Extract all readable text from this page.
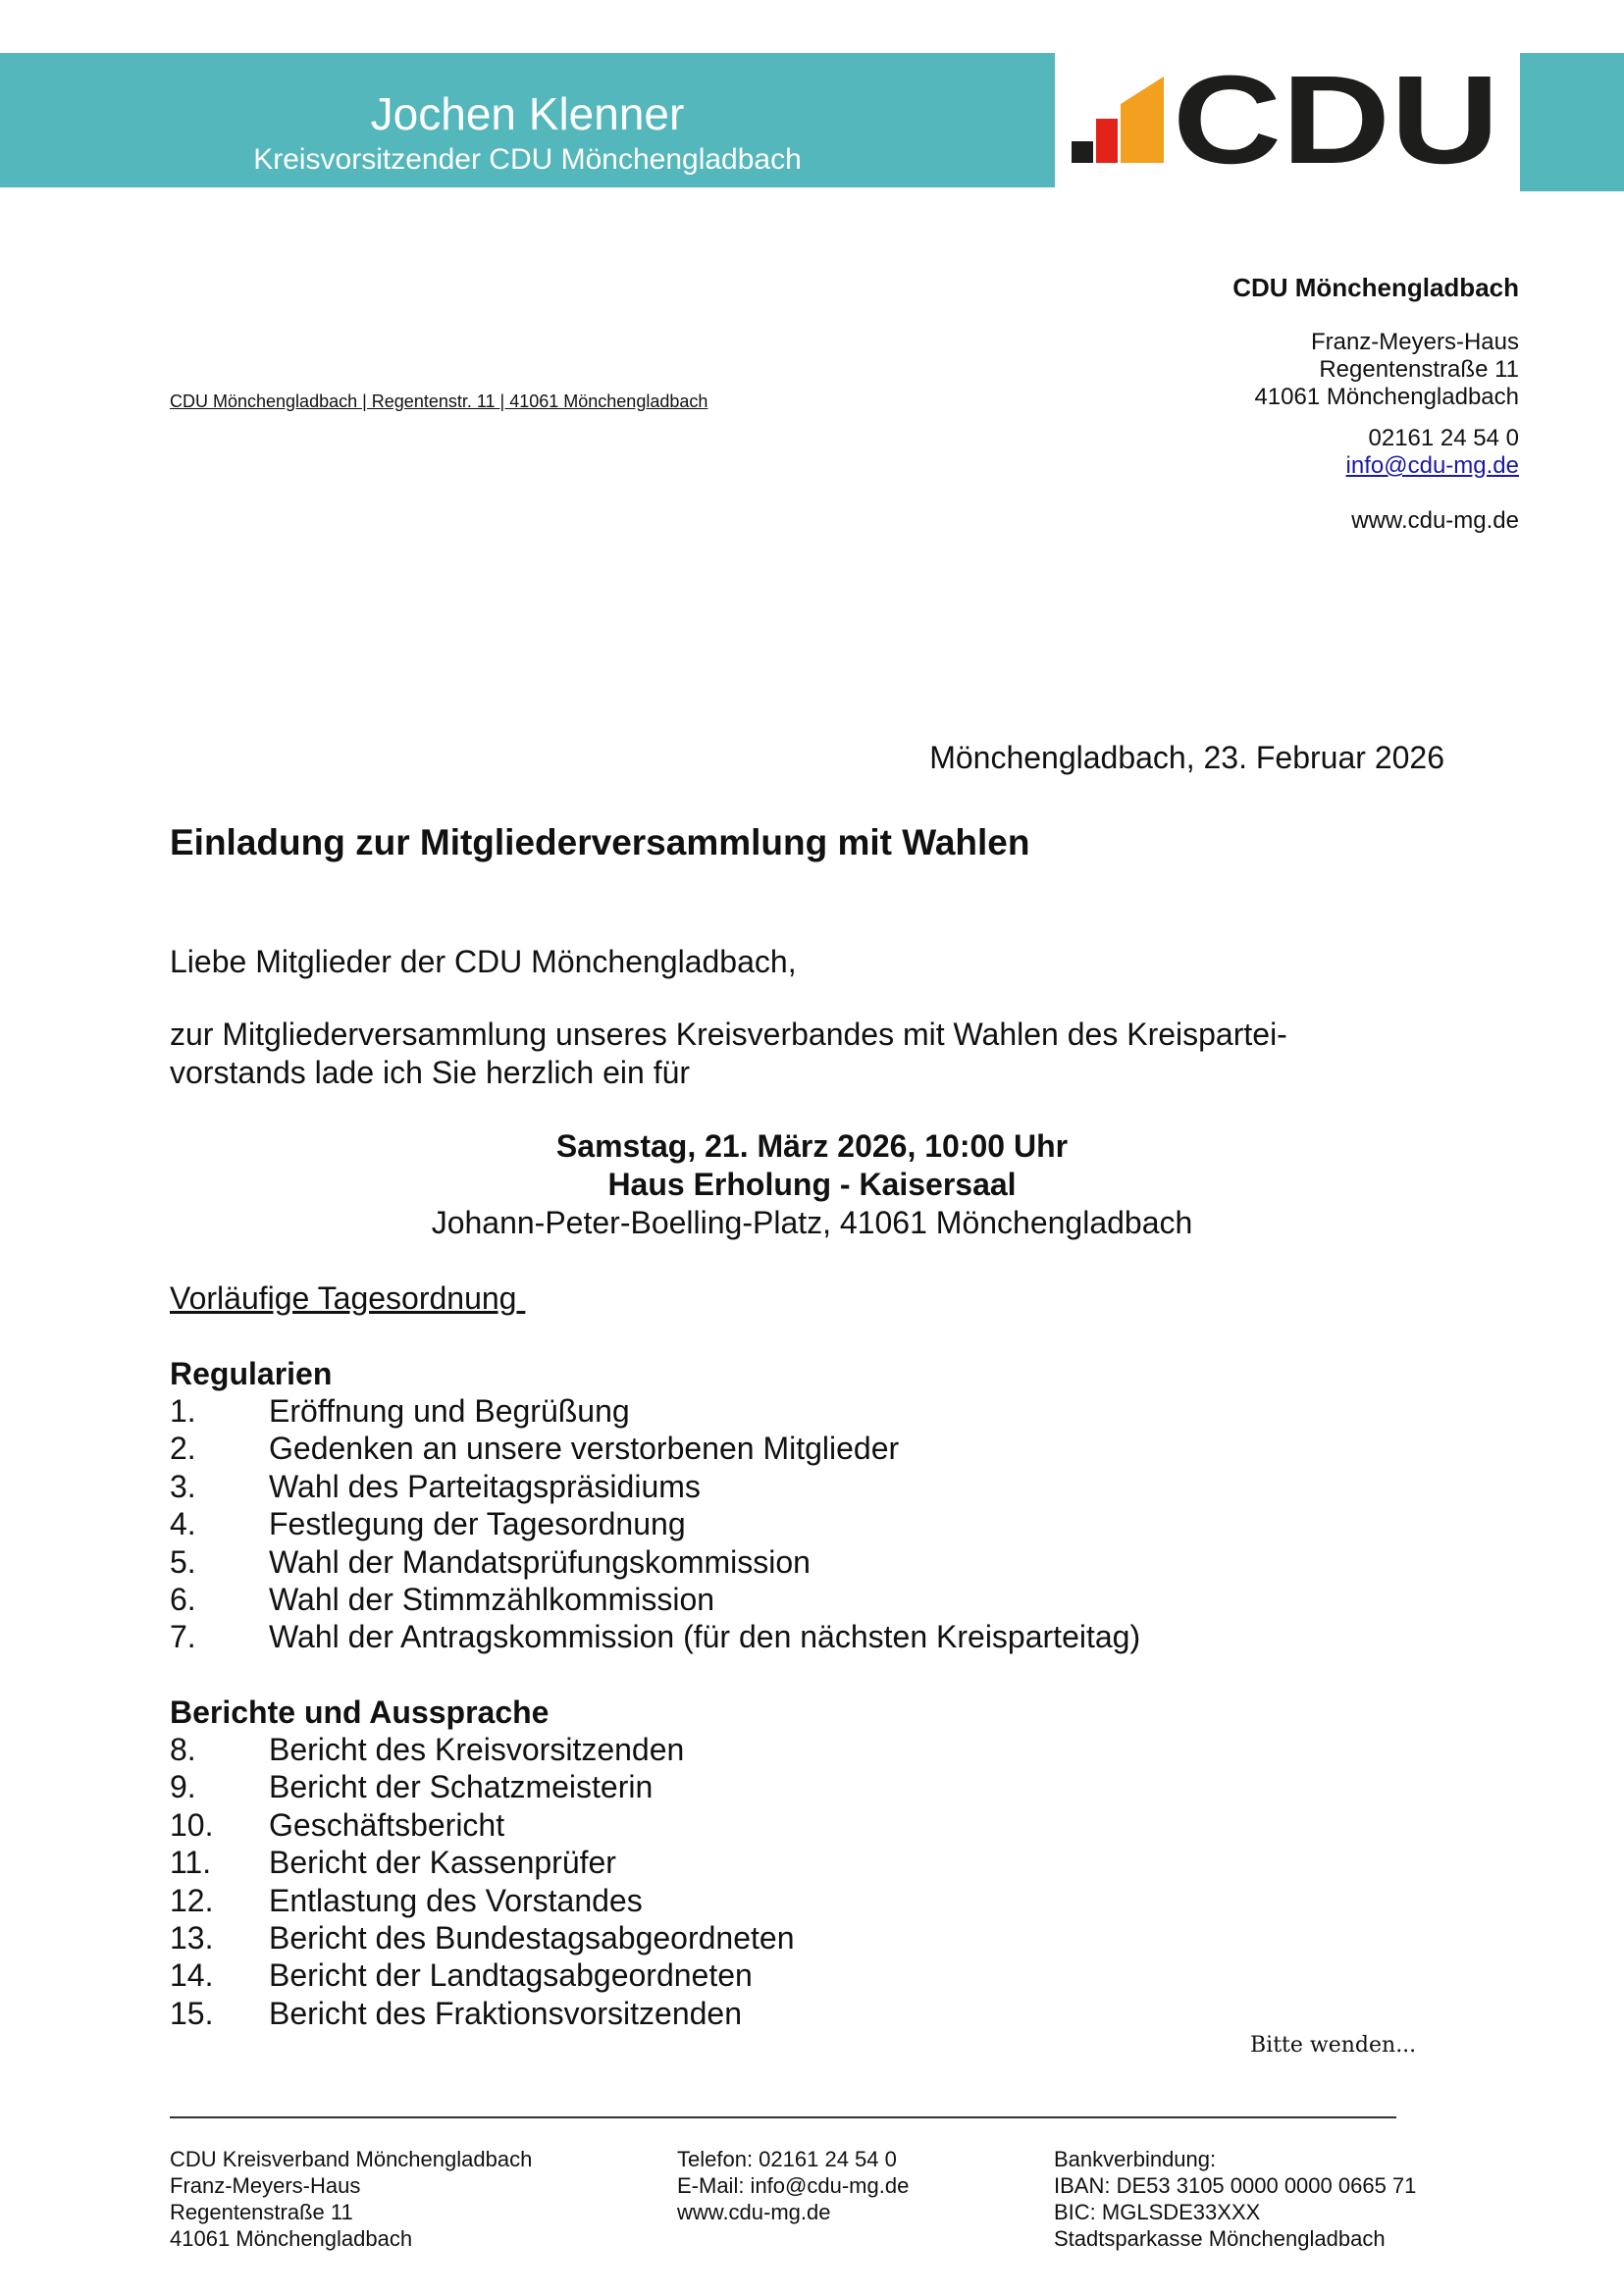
Jochen Klenner
Kreisvorsitzender CDU Mönchengladbach	CDU
CDU Mönchengladbach
Franz-Meyers-Haus
Regentenstraße 11
41061 Mönchengladbach
02161 24 54 0
info@cdu-mg.de
www.cdu-mg.de
CDU Mönchengladbach | Regentenstr. 11 | 41061 Mönchengladbach
Mönchengladbach, 23. Februar 2026
Einladung zur Mitgliederversammlung mit Wahlen
Liebe Mitglieder der CDU Mönchengladbach,
zur Mitgliederversammlung unseres Kreisverbandes mit Wahlen des Kreispartei-
vorstands lade ich Sie herzlich ein für
Samstag, 21. März 2026, 10:00 Uhr
Haus Erholung - Kaisersaal
Johann-Peter-Boelling-Platz, 41061 Mönchengladbach
Vorläufige Tagesordnung
Regularien
1. Eröffnung und Begrüßung
2. Gedenken an unsere verstorbenen Mitglieder
3. Wahl des Parteitagspräsidiums
4. Festlegung der Tagesordnung
5. Wahl der Mandatsprüfungskommission
6. Wahl der Stimmzählkommission
7. Wahl der Antragskommission (für den nächsten Kreisparteitag)
Berichte und Aussprache
8. Bericht des Kreisvorsitzenden
9. Bericht der Schatzmeisterin
10. Geschäftsbericht
11. Bericht der Kassenprüfer
12. Entlastung des Vorstandes
13. Bericht des Bundestagsabgeordneten
14. Bericht der Landtagsabgeordneten
15. Bericht des Fraktionsvorsitzenden
Bitte wenden...
CDU Kreisverband Mönchengladbach
Franz-Meyers-Haus
Regentenstraße 11
41061 Mönchengladbach
Telefon: 02161 24 54 0
E-Mail: info@cdu-mg.de
www.cdu-mg.de
Bankverbindung:
IBAN: DE53 3105 0000 0000 0665 71
BIC: MGLSDE33XXX
Stadtsparkasse Mönchengladbach
